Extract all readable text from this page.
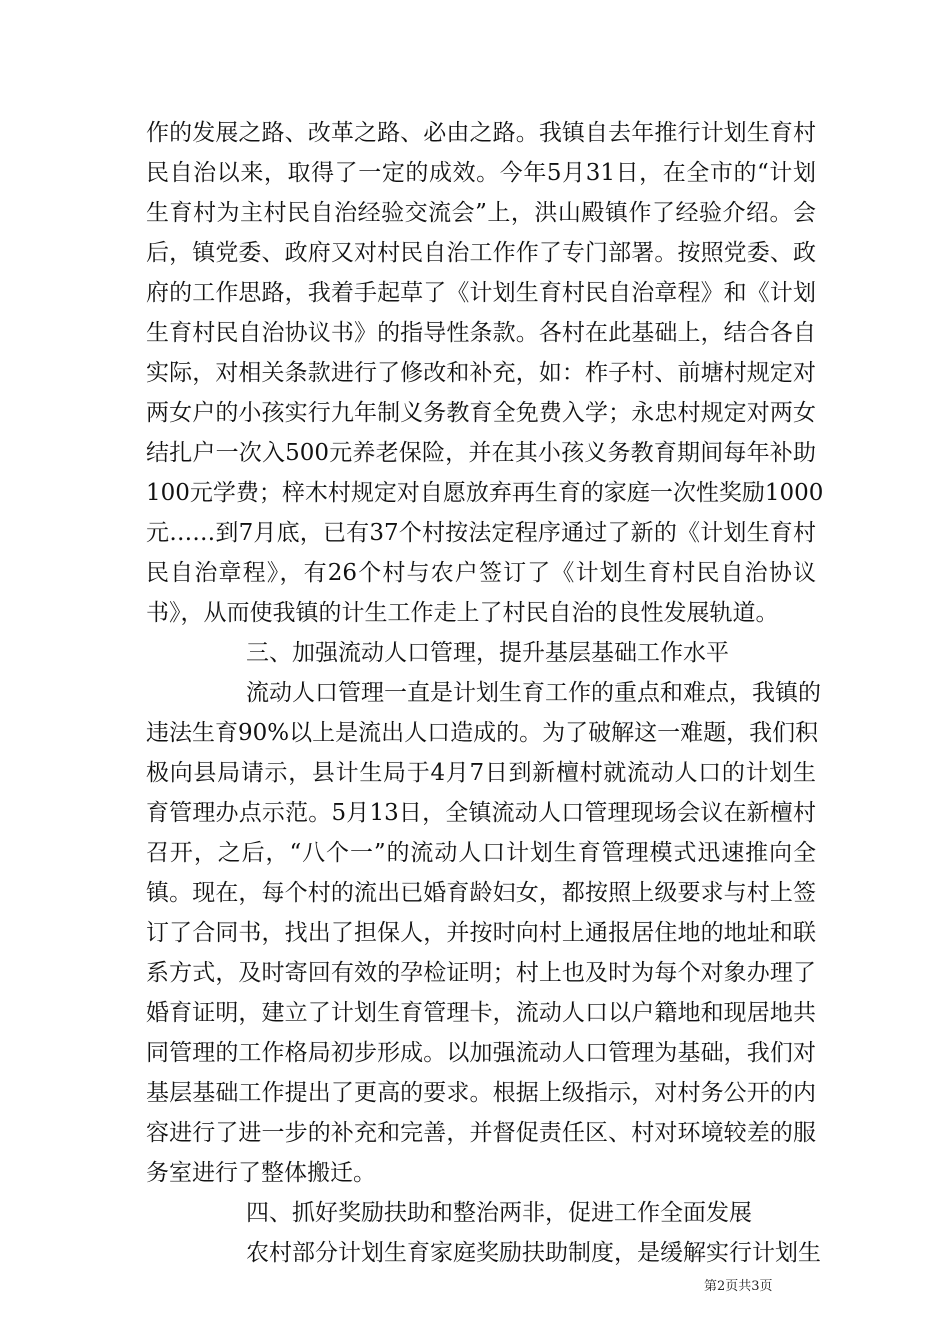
作的发展之路、改革之路、必由之路。我镇自去年推行计划生育村
民自治以来，取得了一定的成效。今年5月31日，在全市的“计划
生育村为主村民自治经验交流会”上，洪山殿镇作了经验介绍。会
后，镇党委、政府又对村民自治工作作了专门部署。按照党委、政
府的工作思路，我着手起草了《计划生育村民自治章程》和《计划
生育村民自治协议书》的指导性条款。各村在此基础上，结合各自
实际，对相关条款进行了修改和补充，如：柞子村、前塘村规定对
两女户的小孩实行九年制义务教育全免费入学；永忠村规定对两女
结扎户一次入500元养老保险，并在其小孩义务教育期间每年补助
100元学费；梓木村规定对自愿放弃再生育的家庭一次性奖励1000
元……到7月底，已有37个村按法定程序通过了新的《计划生育村
民自治章程》，有26个村与农户签订了《计划生育村民自治协议
书》，从而使我镇的计生工作走上了村民自治的良性发展轨道。
三、加强流动人口管理，提升基层基础工作水平
流动人口管理一直是计划生育工作的重点和难点，我镇的
违法生育90%以上是流出人口造成的。为了破解这一难题，我们积
极向县局请示，县计生局于4月7日到新檀村就流动人口的计划生
育管理办点示范。5月13日，全镇流动人口管理现场会议在新檀村
召开，之后，“八个一”的流动人口计划生育管理模式迅速推向全
镇。现在，每个村的流出已婚育龄妇女，都按照上级要求与村上签
订了合同书，找出了担保人，并按时向村上通报居住地的地址和联
系方式，及时寄回有效的孕检证明；村上也及时为每个对象办理了
婚育证明，建立了计划生育管理卡，流动人口以户籍地和现居地共
同管理的工作格局初步形成。以加强流动人口管理为基础，我们对
基层基础工作提出了更高的要求。根据上级指示，对村务公开的内
容进行了进一步的补充和完善，并督促责任区、村对环境较差的服
务室进行了整体搬迁。
四、抓好奖励扶助和整治两非，促进工作全面发展
农村部分计划生育家庭奖励扶助制度，是缓解实行计划生
第2页共3页
